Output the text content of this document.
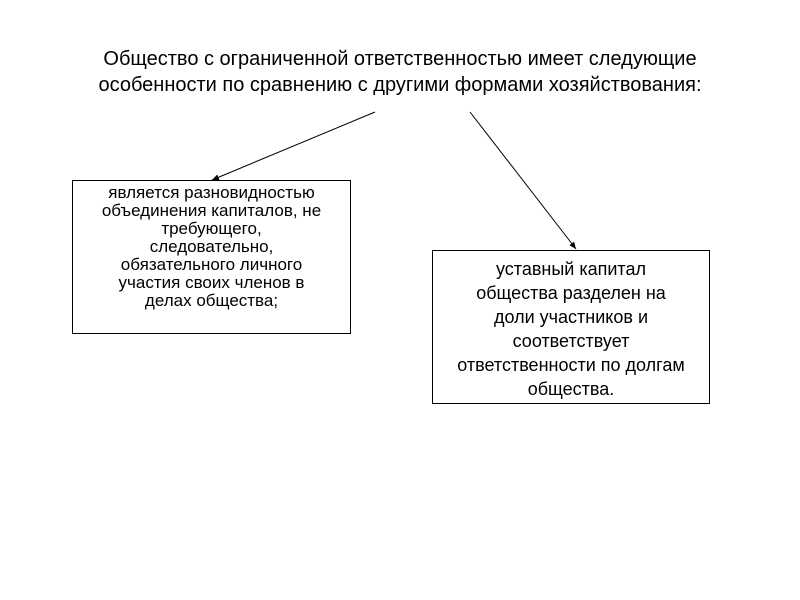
Общество с ограниченной ответственностью имеет следующие
особенности по сравнению с другими формами хозяйствования:
является разновидностью
объединения капиталов, не
требующего,
следовательно,
обязательного личного
участия своих членов в
делах общества;
уставный капитал
общества разделен на
доли участников и
соответствует
ответственности по долгам
общества.
